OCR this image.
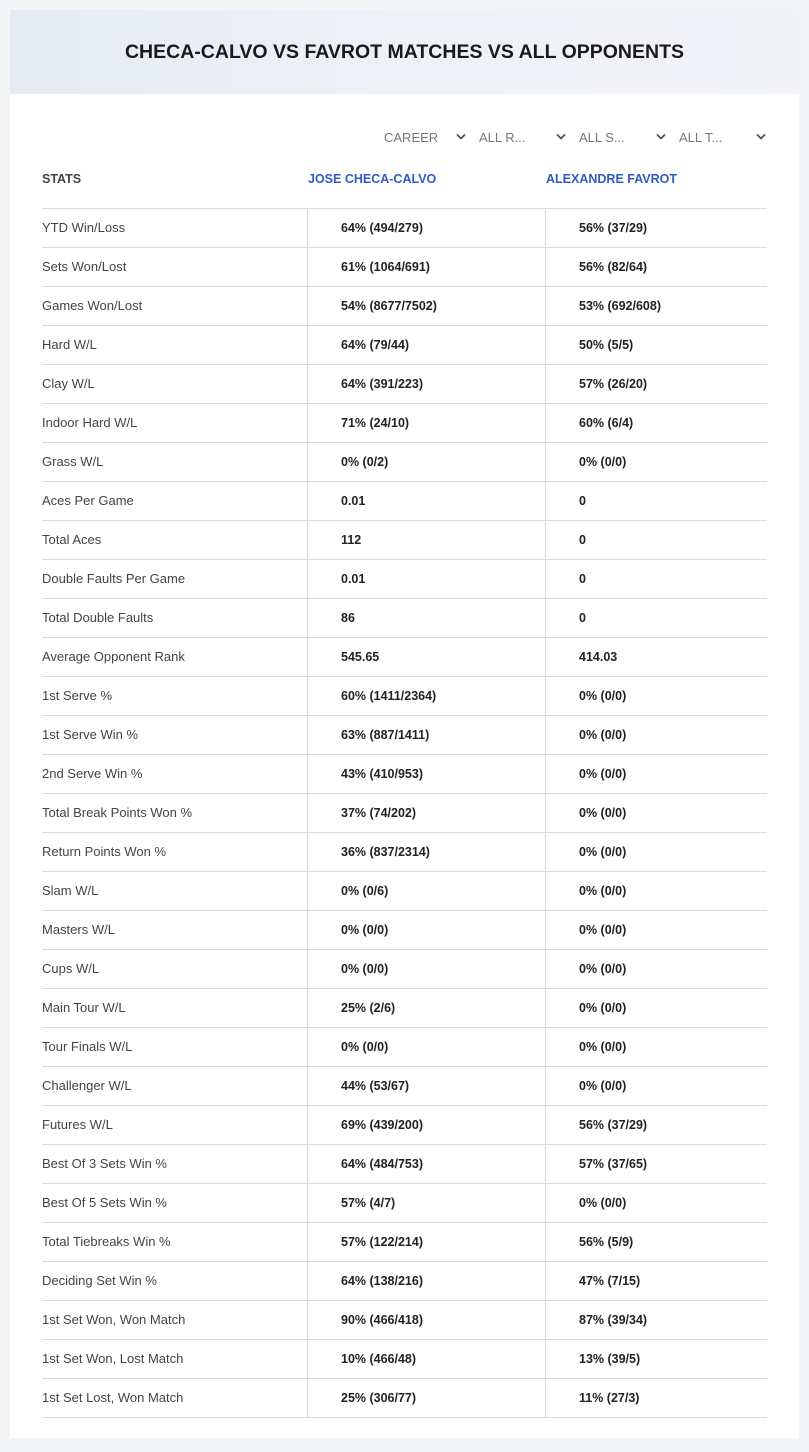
CHECA-CALVO VS FAVROT MATCHES VS ALL OPPONENTS
CAREER	ALL R...	ALL S...	ALL T...
STATS	JOSE CHECA-CALVO	ALEXANDRE FAVROT
YTD Win/Loss	64% (494/279)	56% (37/29)
Sets Won/Lost	61% (1064/691)	56% (82/64)
Games Won/Lost	54% (8677/7502)	53% (692/608)
Hard W/L	64% (79/44)	50% (5/5)
Clay W/L	64% (391/223)	57% (26/20)
Indoor Hard W/L	71% (24/10)	60% (6/4)
Grass W/L	0% (0/2)	0% (0/0)
Aces Per Game	0.01	0
Total Aces	112	0
Double Faults Per Game	0.01	0
Total Double Faults	86	0
Average Opponent Rank	545.65	414.03
1st Serve %	60% (1411/2364)	0% (0/0)
1st Serve Win %	63% (887/1411)	0% (0/0)
2nd Serve Win %	43% (410/953)	0% (0/0)
Total Break Points Won %	37% (74/202)	0% (0/0)
Return Points Won %	36% (837/2314)	0% (0/0)
Slam W/L	0% (0/6)	0% (0/0)
Masters W/L	0% (0/0)	0% (0/0)
Cups W/L	0% (0/0)	0% (0/0)
Main Tour W/L	25% (2/6)	0% (0/0)
Tour Finals W/L	0% (0/0)	0% (0/0)
Challenger W/L	44% (53/67)	0% (0/0)
Futures W/L	69% (439/200)	56% (37/29)
Best Of 3 Sets Win %	64% (484/753)	57% (37/65)
Best Of 5 Sets Win %	57% (4/7)	0% (0/0)
Total Tiebreaks Win %	57% (122/214)	56% (5/9)
Deciding Set Win %	64% (138/216)	47% (7/15)
1st Set Won, Won Match	90% (466/418)	87% (39/34)
1st Set Won, Lost Match	10% (466/48)	13% (39/5)
1st Set Lost, Won Match	25% (306/77)	11% (27/3)
